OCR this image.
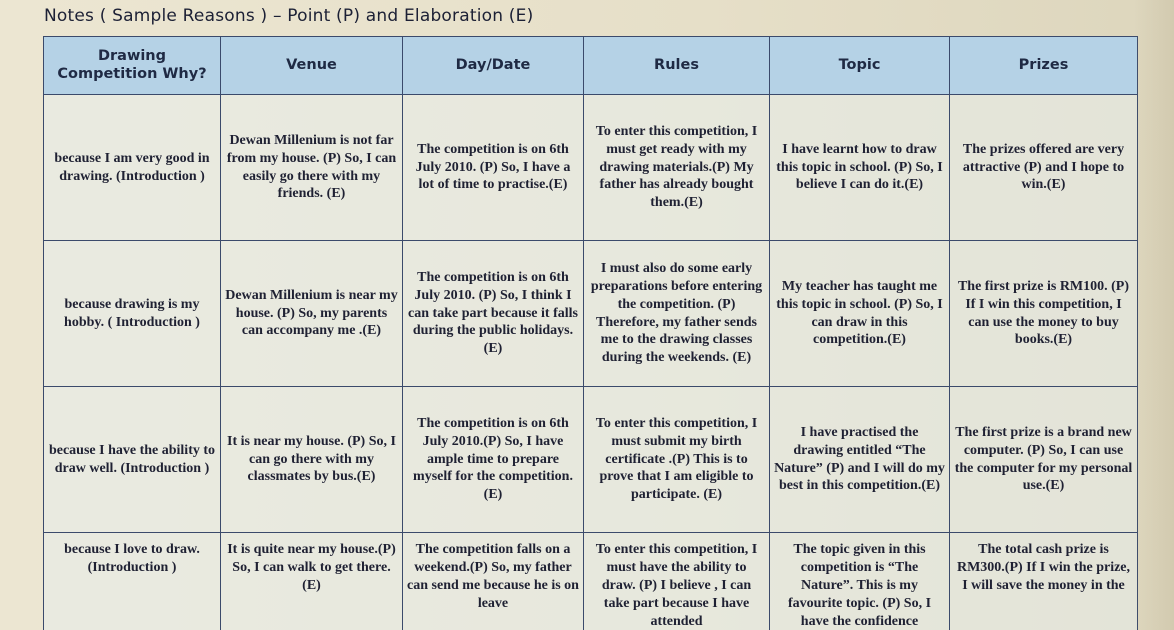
Notes ( Sample Reasons ) – Point (P) and Elaboration (E)
Drawing Competition Why?	Venue	Day/Date	Rules	Topic	Prizes
because I am very good in drawing. (Introduction )	Dewan Millenium is not far from my house. (P) So, I can easily go there with my friends. (E)	The competition is on 6th July 2010. (P) So, I have a lot of time to practise.(E)	To enter this competition, I must get ready with my drawing materials.(P) My father has already bought them.(E)	I have learnt how to draw this topic in school. (P) So, I believe I can do it.(E)	The prizes offered are very attractive (P) and I hope to win.(E)
because drawing is my hobby. ( Introduction )	Dewan Millenium is near my house. (P) So, my parents can accompany me .(E)	The competition is on 6th July 2010. (P) So, I think I can take part because it falls during the public holidays.(E)	I must also do some early preparations before entering the competition. (P) Therefore, my father sends me to the drawing classes during the weekends. (E)	My teacher has taught me this topic in school. (P) So, I can draw in this competition.(E)	The first prize is RM100. (P) If I win this competition, I can use the money to buy books.(E)
because I have the ability to draw well. (Introduction )	It is near my house. (P) So, I can go there with my classmates by bus.(E)	The competition is on 6th July 2010.(P) So, I have ample time to prepare myself for the competition.(E)	To enter this competition, I must submit my birth certificate .(P) This is to prove that I am eligible to participate. (E)	I have practised the drawing entitled “The Nature” (P) and I will do my best in this competition.(E)	The first prize is a brand new computer. (P) So, I can use the computer for my personal use.(E)
because I love to draw. (Introduction )	It is quite near my house.(P) So, I can walk to get there.(E)	The competition falls on a weekend.(P) So, my father can send me because he is on leave	To enter this competition, I must have the ability to draw. (P) I believe , I can take part because I have attended	The topic given in this competition is “The Nature”. This is my favourite topic. (P) So, I have the confidence	The total cash prize is RM300.(P) If I win the prize, I will save the money in the
